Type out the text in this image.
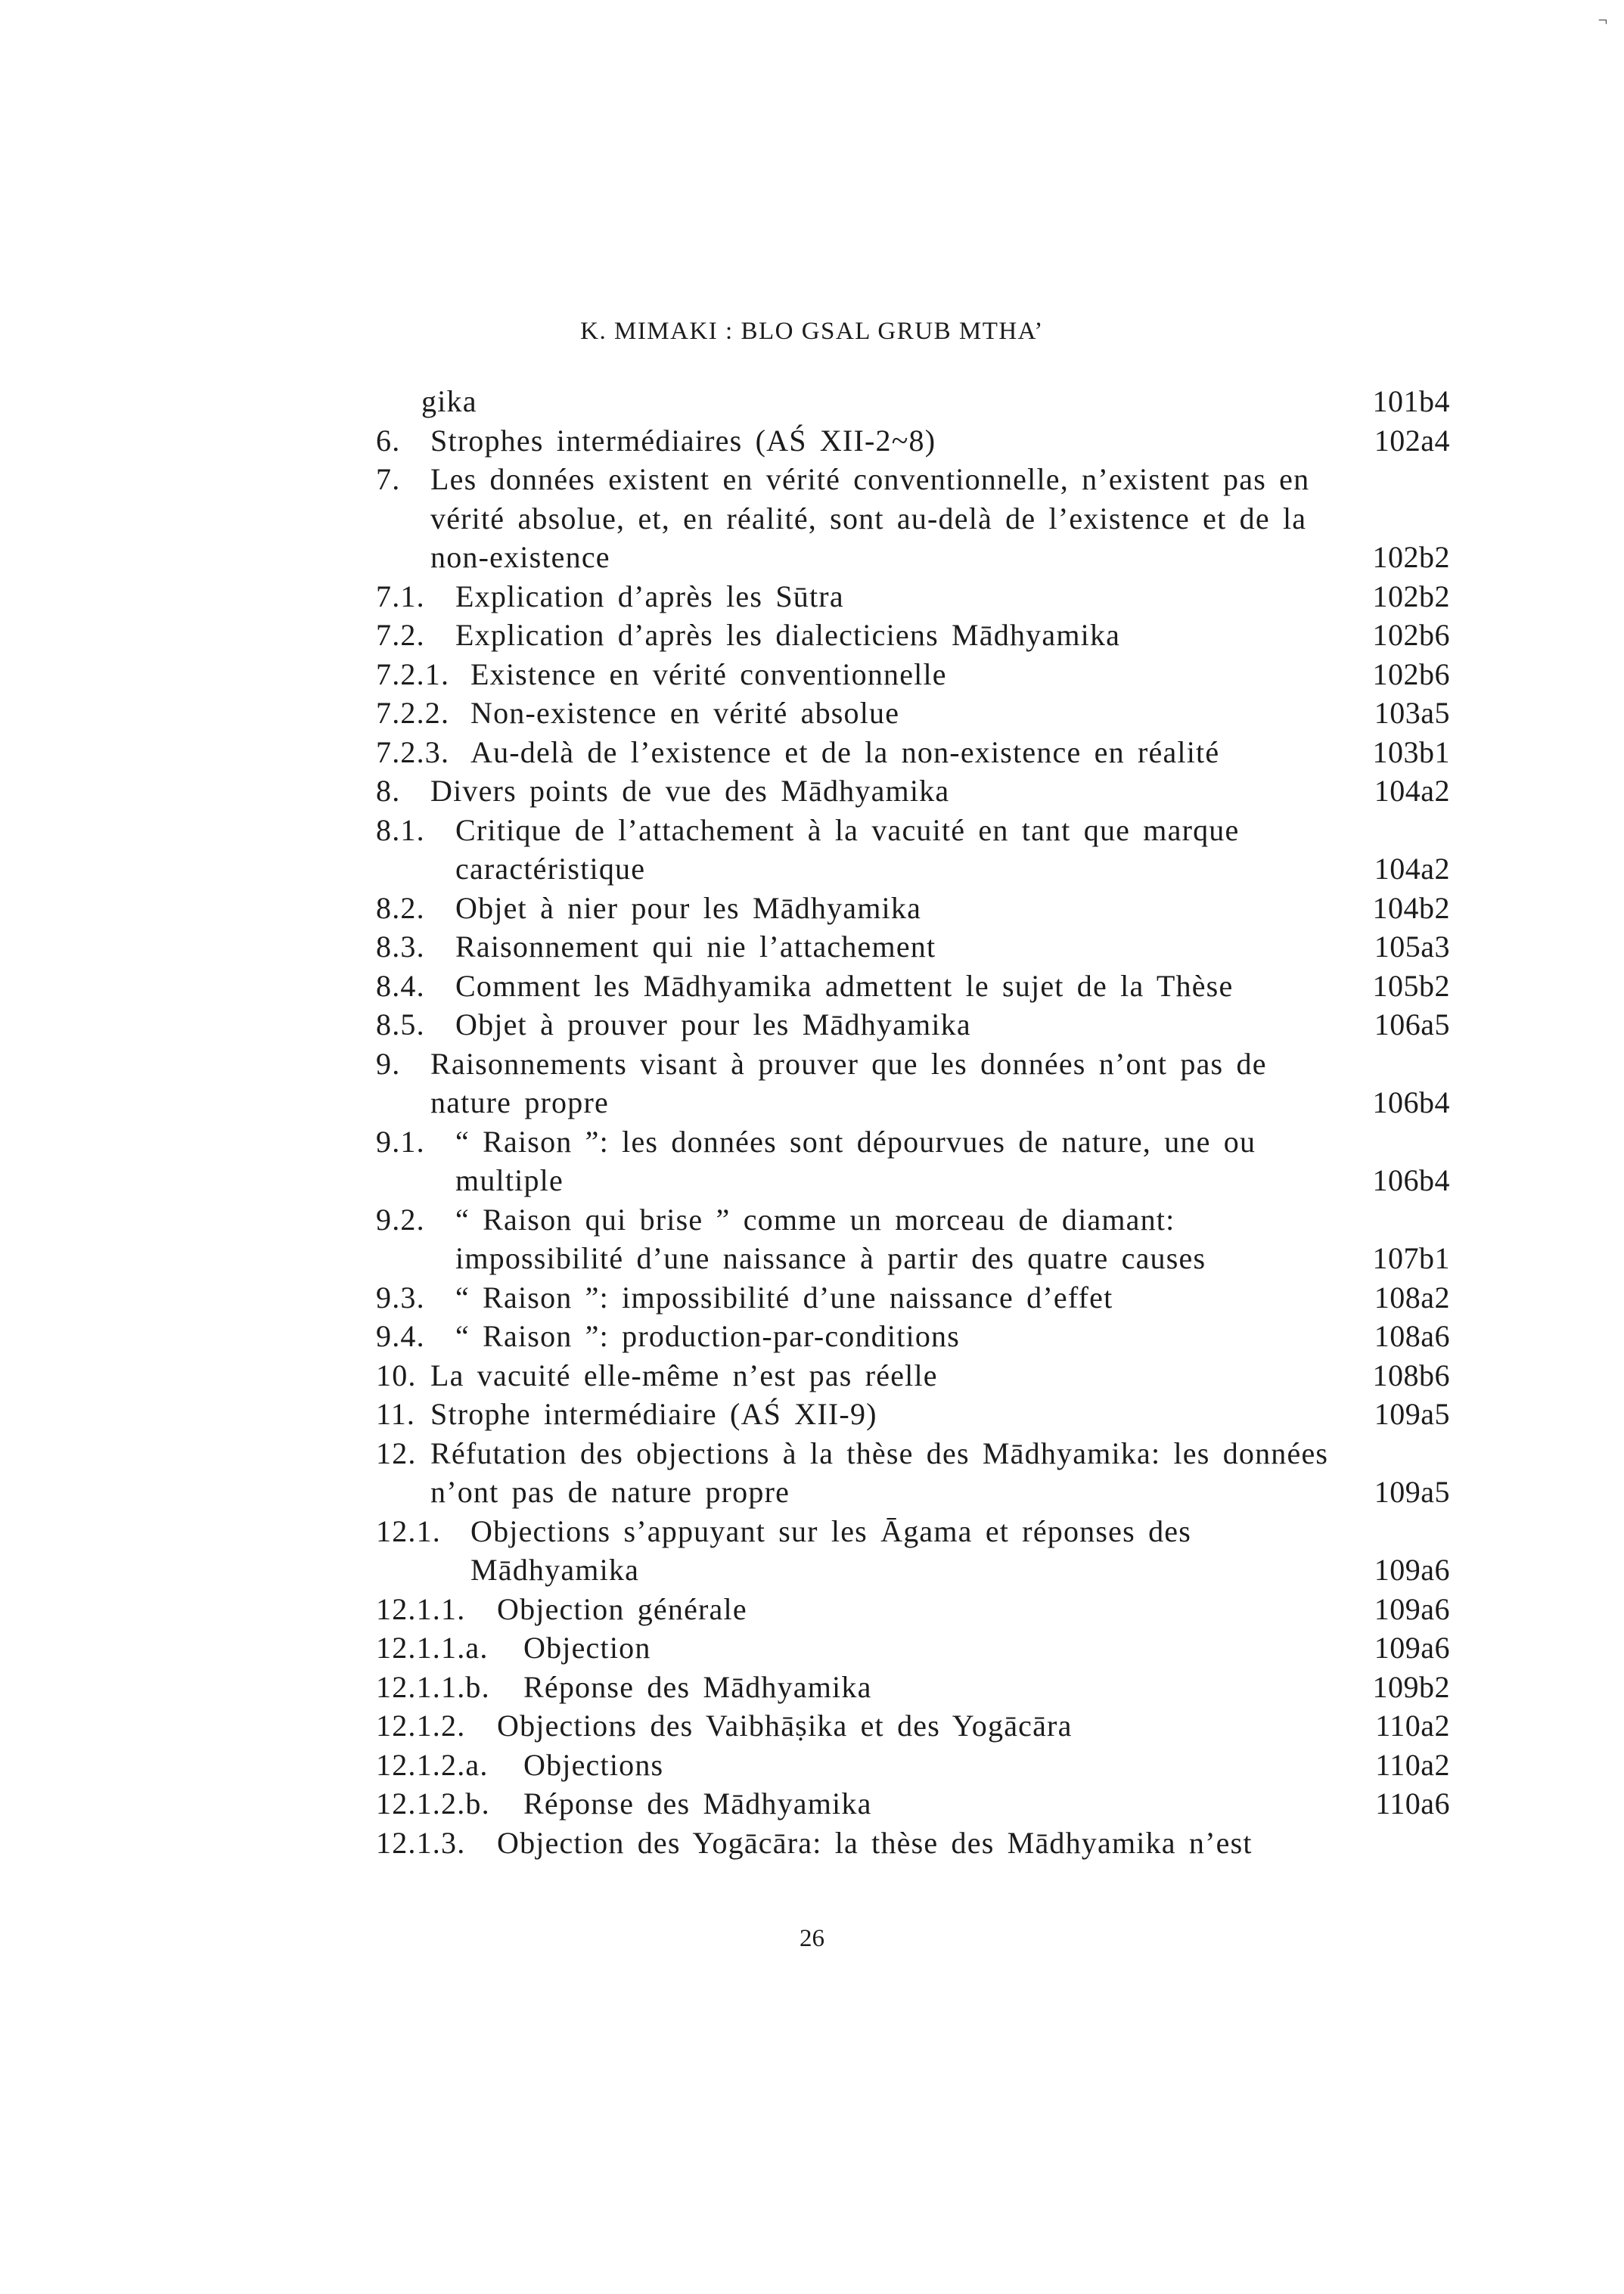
¬
K. MIMAKI : BLO GSAL GRUB MTHA’
gika	101b4
6. Strophes intermédiaires (AŚ XII-2~8)	102a4
7. Les données existent en vérité conventionnelle, n’existent pas en vérité absolue, et, en réalité, sont au-delà de l’existence et de la non-existence	102b2
7.1.	Explication d’après les Sūtra	102b2
7.2.	Explication d’après les dialecticiens Mādhyamika	102b6
7.2.1. Existence en vérité conventionnelle	102b6
7.2.2. Non-existence en vérité absolue	103a5
7.2.3. Au-delà de l’existence et de la non-existence en réalité	103b1
8. Divers points de vue des Mādhyamika	104a2
8.1.	Critique de l’attachement à la vacuité en tant que marque caractéristique	104a2
8.2.	Objet à nier pour les Mādhyamika	104b2
8.3.	Raisonnement qui nie l’attachement	105a3
8.4.	Comment les Mādhyamika admettent le sujet de la Thèse	105b2
8.5.	Objet à prouver pour les Mādhyamika	106a5
9. Raisonnements visant à prouver que les données n’ont pas de nature propre	106b4
9.1.	“ Raison ”: les données sont dépourvues de nature, une ou multiple	106b4
9.2.	“ Raison qui brise ” comme un morceau de diamant: impossibilité d’une naissance à partir des quatre causes	107b1
9.3.	“ Raison ”: impossibilité d’une naissance d’effet	108a2
9.4.	“ Raison ”: production-par-conditions	108a6
10. La vacuité elle-même n’est pas réelle	108b6
11. Strophe intermédiaire (AŚ XII-9)	109a5
12. Réfutation des objections à la thèse des Mādhyamika: les données n’ont pas de nature propre	109a5
12.1. Objections s’appuyant sur les Āgama et réponses des Mādhyamika	109a6
12.1.1.	Objection générale	109a6
12.1.1.a.	Objection	109a6
12.1.1.b.	Réponse des Mādhyamika	109b2
12.1.2.	Objections des Vaibhāṣika et des Yogācāra	110a2
12.1.2.a.	Objections	110a2
12.1.2.b.	Réponse des Mādhyamika	110a6
12.1.3.	Objection des Yogācāra: la thèse des Mādhyamika n’est
26
